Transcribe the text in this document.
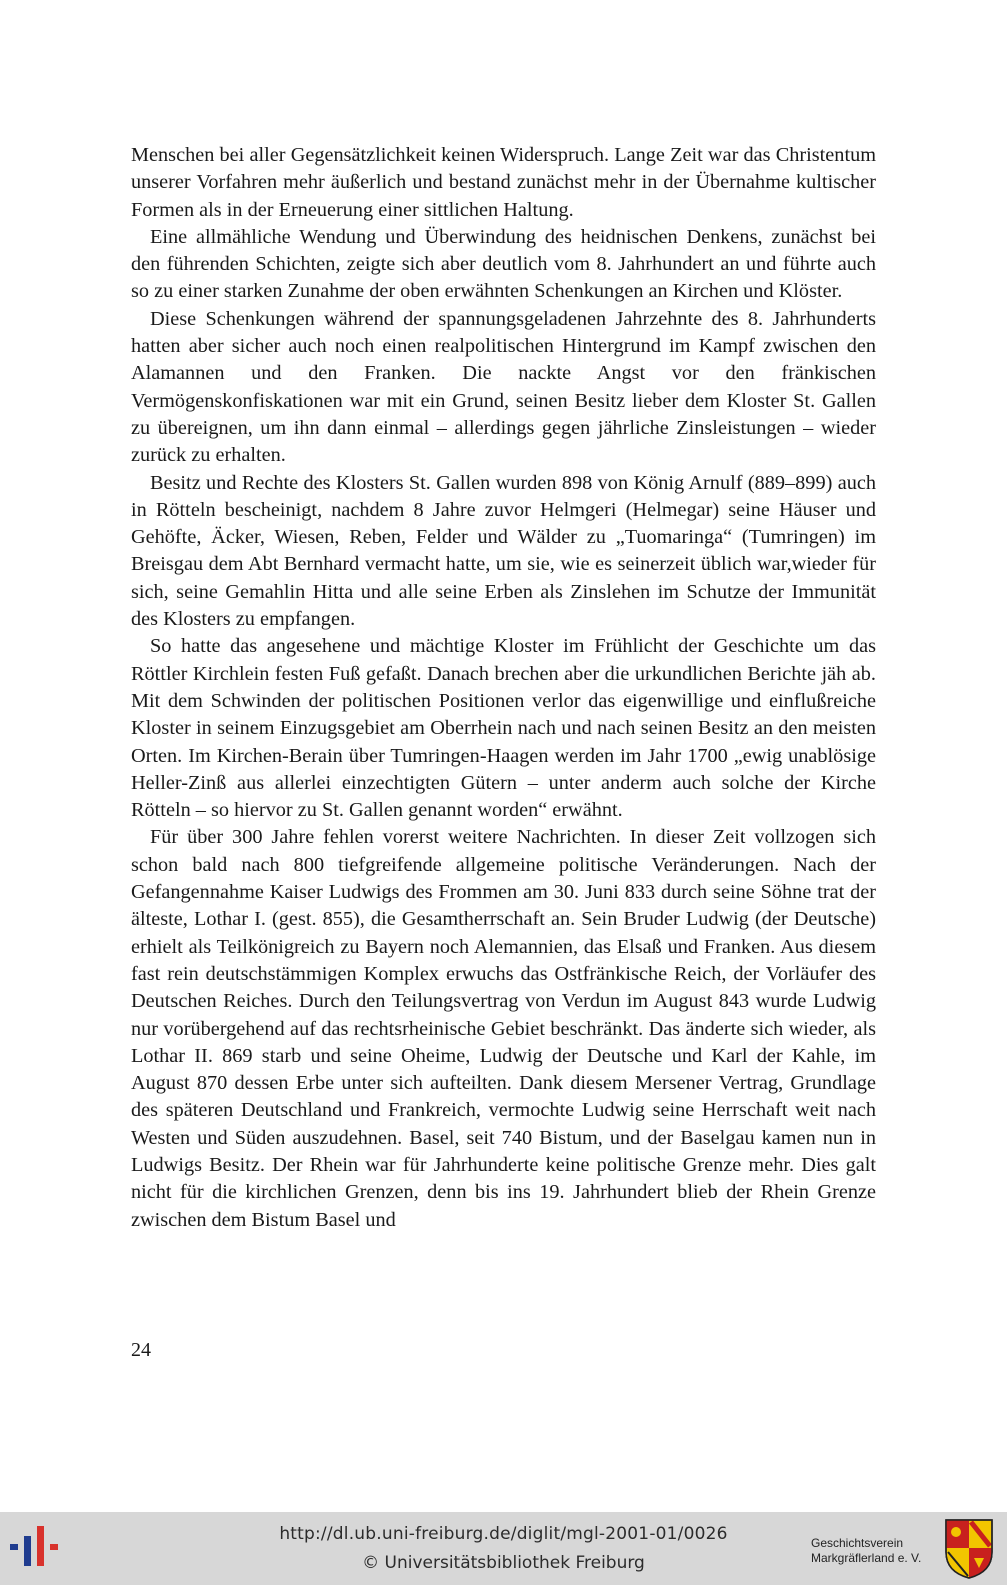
Menschen bei aller Gegensätzlichkeit keinen Widerspruch. Lange Zeit war das Christentum unserer Vorfahren mehr äußerlich und bestand zunächst mehr in der Übernahme kultischer Formen als in der Erneuerung einer sittlichen Haltung.

Eine allmähliche Wendung und Überwindung des heidnischen Denkens, zunächst bei den führenden Schichten, zeigte sich aber deutlich vom 8. Jahrhundert an und führte auch so zu einer starken Zunahme der oben erwähnten Schenkungen an Kirchen und Klöster.

Diese Schenkungen während der spannungsgeladenen Jahrzehnte des 8. Jahrhunderts hatten aber sicher auch noch einen realpolitischen Hintergrund im Kampf zwischen den Alamannen und den Franken. Die nackte Angst vor den fränkischen Vermögenskonfiskationen war mit ein Grund, seinen Besitz lieber dem Kloster St. Gallen zu übereignen, um ihn dann einmal – allerdings gegen jährliche Zinsleistungen – wieder zurück zu erhalten.

Besitz und Rechte des Klosters St. Gallen wurden 898 von König Arnulf (889–899) auch in Rötteln bescheinigt, nachdem 8 Jahre zuvor Helmgeri (Helmegar) seine Häuser und Gehöfte, Äcker, Wiesen, Reben, Felder und Wälder zu „Tuomaringa“ (Tumringen) im Breisgau dem Abt Bernhard vermacht hatte, um sie, wie es seinerzeit üblich war,wieder für sich, seine Gemahlin Hitta und alle seine Erben als Zinslehen im Schutze der Immunität des Klosters zu empfangen.

So hatte das angesehene und mächtige Kloster im Frühlicht der Geschichte um das Röttler Kirchlein festen Fuß gefaßt. Danach brechen aber die urkundlichen Berichte jäh ab. Mit dem Schwinden der politischen Positionen verlor das eigenwillige und einflußreiche Kloster in seinem Einzugsgebiet am Oberrhein nach und nach seinen Besitz an den meisten Orten. Im Kirchen-Berain über Tumringen-Haagen werden im Jahr 1700 „ewig unablösige Heller-Zinß aus allerlei einzechtigten Gütern – unter anderm auch solche der Kirche Rötteln – so hiervor zu St. Gallen genannt worden“ erwähnt.

Für über 300 Jahre fehlen vorerst weitere Nachrichten. In dieser Zeit vollzogen sich schon bald nach 800 tiefgreifende allgemeine politische Veränderungen. Nach der Gefangennahme Kaiser Ludwigs des Frommen am 30. Juni 833 durch seine Söhne trat der älteste, Lothar I. (gest. 855), die Gesamtherrschaft an. Sein Bruder Ludwig (der Deutsche) erhielt als Teilkönigreich zu Bayern noch Alemannien, das Elsaß und Franken. Aus diesem fast rein deutschstämmigen Komplex erwuchs das Ostfränkische Reich, der Vorläufer des Deutschen Reiches. Durch den Teilungsvertrag von Verdun im August 843 wurde Ludwig nur vorübergehend auf das rechtsrheinische Gebiet beschränkt. Das änderte sich wieder, als Lothar II. 869 starb und seine Oheime, Ludwig der Deutsche und Karl der Kahle, im August 870 dessen Erbe unter sich aufteilten. Dank diesem Mersener Vertrag, Grundlage des späteren Deutschland und Frankreich, vermochte Ludwig seine Herrschaft weit nach Westen und Süden auszudehnen. Basel, seit 740 Bistum, und der Baselgau kamen nun in Ludwigs Besitz. Der Rhein war für Jahrhunderte keine politische Grenze mehr. Dies galt nicht für die kirchlichen Grenzen, denn bis ins 19. Jahrhundert blieb der Rhein Grenze zwischen dem Bistum Basel und

24
http://dl.ub.uni-freiburg.de/diglit/mgl-2001-01/0026
© Universitätsbibliothek Freiburg
Geschichtsverein
Markgräflerland e. V.
